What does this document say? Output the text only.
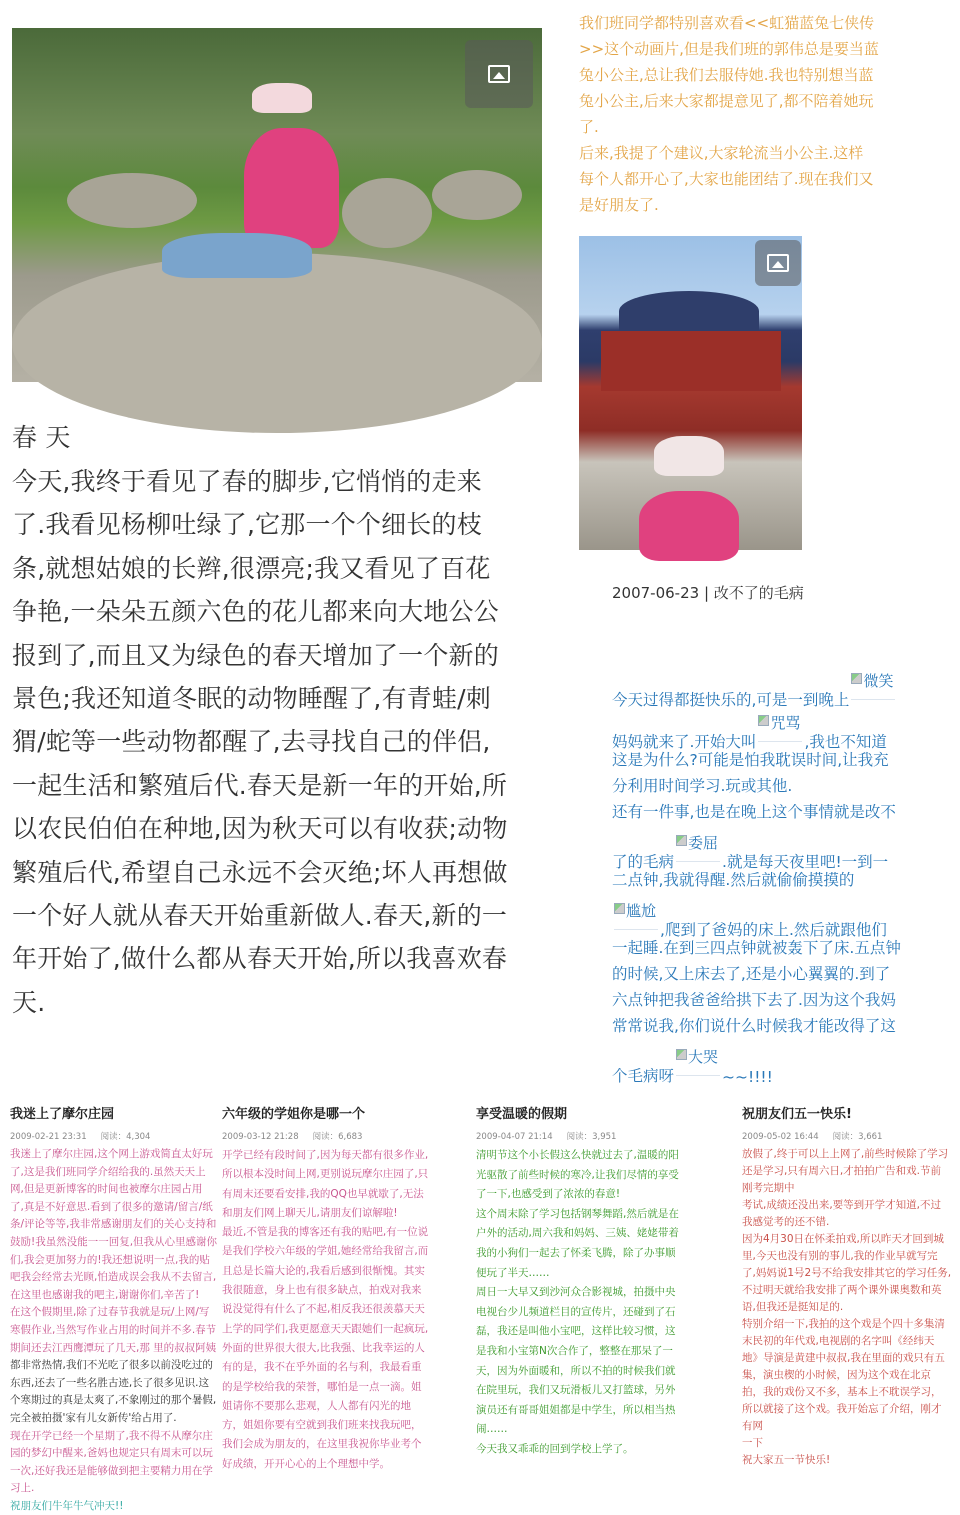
春 天
今天,我终于看见了春的脚步,它悄悄的走来
了.我看见杨柳吐绿了,它那一个个细长的枝
条,就想姑娘的长辫,很漂亮;我又看见了百花
争艳,一朵朵五颜六色的花儿都来向大地公公
报到了,而且又为绿色的春天增加了一个新的
景色;我还知道冬眠的动物睡醒了,有青蛙/刺
猬/蛇等一些动物都醒了,去寻找自己的伴侣,
一起生活和繁殖后代.春天是新一年的开始,所
以农民伯伯在种地,因为秋天可以有收获;动物
繁殖后代,希望自己永远不会灭绝;坏人再想做
一个好人就从春天开始重新做人.春天,新的一
年开始了,做什么都从春天开始,所以我喜欢春
天.
我们班同学都特别喜欢看<<虹猫蓝兔七侠传
>>这个动画片,但是我们班的郭伟总是要当蓝
兔小公主,总让我们去服侍她.我也特别想当蓝
兔小公主,后来大家都提意见了,都不陪着她玩
了.
后来,我提了个建议,大家轮流当小公主.这样
每个人都开心了,大家也能团结了.现在我们又
是好朋友了.
2007-06-23 | 改不了的毛病
今天过得都挺快乐的,可是一到晚上
微笑
妈妈就来了.开始大叫
咒骂
,我也不知道
这是为什么?可能是怕我耽误时间,让我充
分利用时间学习.玩或其他.
还有一件事,也是在晚上这个事情就是改不
了的毛病
委屈
.就是每天夜里吧!一到一
二点钟,我就得醒.然后就偷偷摸摸的
尴尬
,爬到了爸妈的床上.然后就跟他们
一起睡.在到三四点钟就被轰下了床.五点钟
的时候,又上床去了,还是小心翼翼的.到了
六点钟把我爸爸给拱下去了.因为这个我妈
常常说我,你们说什么时候我才能改得了这
个毛病呀
大哭
~~!!!!
我迷上了摩尔庄园
2009-02-21 23:31 阅读：4,304
我迷上了摩尔庄园,这个网上游戏简直太好玩
了,这是我们班同学介绍给我的.虽然天天上
网,但是更新博客的时间也被摩尔庄园占用
了,真是不好意思.看到了很多的邀请/留言/纸
条/评论等等,我非常感谢朋友们的关心支持和
鼓励!我虽然没能一一回复,但我从心里感谢你
们,我会更加努力的!我还想说明一点,我的贴
吧我会经常去光顾,怕造成误会我从不去留言,
在这里也感谢我的吧主,谢谢你们,辛苦了!
在这个假期里,除了过春节我就是玩/上网/写
寒假作业,当然写作业占用的时间并不多.春节
期间还去江西鹰潭玩了几天,那 里的叔叔阿姨
都非常热情,我们不光吃了很多以前没吃过的
东西,还去了一些名胜古迹,长了很多见识.这
个寒期过的真是太爽了,不象刚过的那个暑假,
完全被拍摄'家有儿女新传'给占用了.
现在开学已经一个星期了,我不得不从摩尔庄
园的梦幻中醒来,爸妈也规定只有周末可以玩
一次,还好我还是能够做到把主要精力用在学
习上.
祝朋友们牛年牛气冲天!!
六年级的学姐你是哪一个
2009-03-12 21:28 阅读：6,683
开学已经有段时间了,因为每天都有很多作业,
所以根本没时间上网,更别说玩摩尔庄园了,只
有周末还要看安排,我的QQ也早就歇了,无法
和朋友们网上聊天儿,请朋友们谅解啦!
最近,不管是我的博客还有我的贴吧,有一位说
是我们学校六年级的学姐,她经常给我留言,而
且总是长篇大论的,我看后感到很惭愧。其实
我很随意，身上也有很多缺点，拍戏对我来
说没觉得有什么了不起,相反我还很羡慕天天
上学的同学们,我更愿意天天跟她们一起疯玩,
外面的世界很大很大,比我强、比我幸运的人
有的是，我不在乎外面的名与利，我最看重
的是学校给我的荣誉，哪怕是一点一滴。姐
姐请你不要那么悲观，人人都有闪光的地
方，姐姐你要有空就到我们班来找我玩吧，
我们会成为朋友的，在这里我祝你毕业考个
好成绩，开开心心的上个理想中学。
享受温暖的假期
2009-04-07 21:14 阅读：3,951
清明节这个小长假这么快就过去了,温暖的阳
光驱散了前些时候的寒冷,让我们尽情的享受
了一下,也感受到了浓浓的春意!
这个周末除了学习包括钢琴舞蹈,然后就是在
户外的活动,周六我和妈妈、三姨、姥姥带着
我的小狗们一起去了怀柔飞腾，除了办事顺
便玩了半天……
周日一大早又到沙河众合影视城，拍摄中央
电视台少儿频道栏目的宣传片，还碰到了石
磊，我还是叫他小宝吧，这样比较习惯，这
是我和小宝第N次合作了，整整在那呆了一
天，因为外面暖和，所以不拍的时候我们就
在院里玩，我们又玩滑板儿又打篮球，另外
演员还有哥哥姐姐都是中学生，所以相当热
闹……
今天我又乖乖的回到学校上学了。
祝朋友们五一快乐!
2009-05-02 16:44 阅读：3,661
放假了,终于可以上上网了,前些时候除了学习
还是学习,只有周六日,才拍拍广告和戏.节前
刚考完期中
考试,成绩还没出来,要等到开学才知道,不过
我感觉考的还不错.
因为4月30日在怀柔拍戏,所以昨天才回到城
里,今天也没有别的事儿,我的作业早就写完
了,妈妈说1号2号不给我安排其它的学习任务,
不过明天就给我安排了两个课外课奥数和英
语,但我还是挺知足的.
特别介绍一下,我拍的这个戏是个四十多集清
末民初的年代戏,电视剧的名字叫《经纬天
地》导演是黄建中叔叔,我在里面的戏只有五
集，演虫楔的小时候，因为这个戏在北京
拍，我的戏份又不多，基本上不耽误学习，
所以就接了这个戏。我开始忘了介绍，刚才
有网
一下
祝大家五一节快乐!
